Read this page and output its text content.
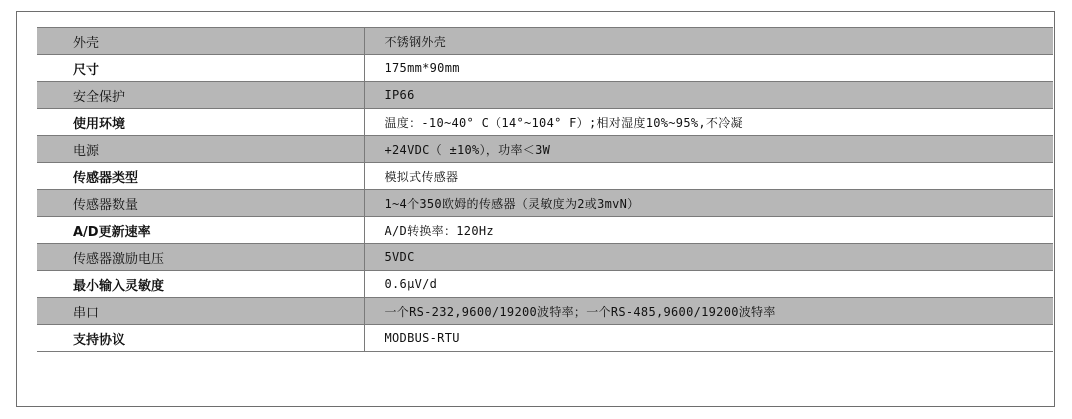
外壳	不锈钢外壳
尺寸	175mm*90mm
安全保护	IP66
使用环境	温度：-10~40° C（14°~104° F）;相对湿度10%~95%,不冷凝
电源	+24VDC（ ±10%），功率＜3W
传感器类型	模拟式传感器
传感器数量	1~4个350欧姆的传感器（灵敏度为2或3mvN）
A/D更新速率	A/D转换率：120Hz
传感器激励电压	5VDC
最小输入灵敏度	0.6μV/d
串口	一个RS-232,9600/19200波特率；一个RS-485,9600/19200波特率
支持协议	MODBUS-RTU
